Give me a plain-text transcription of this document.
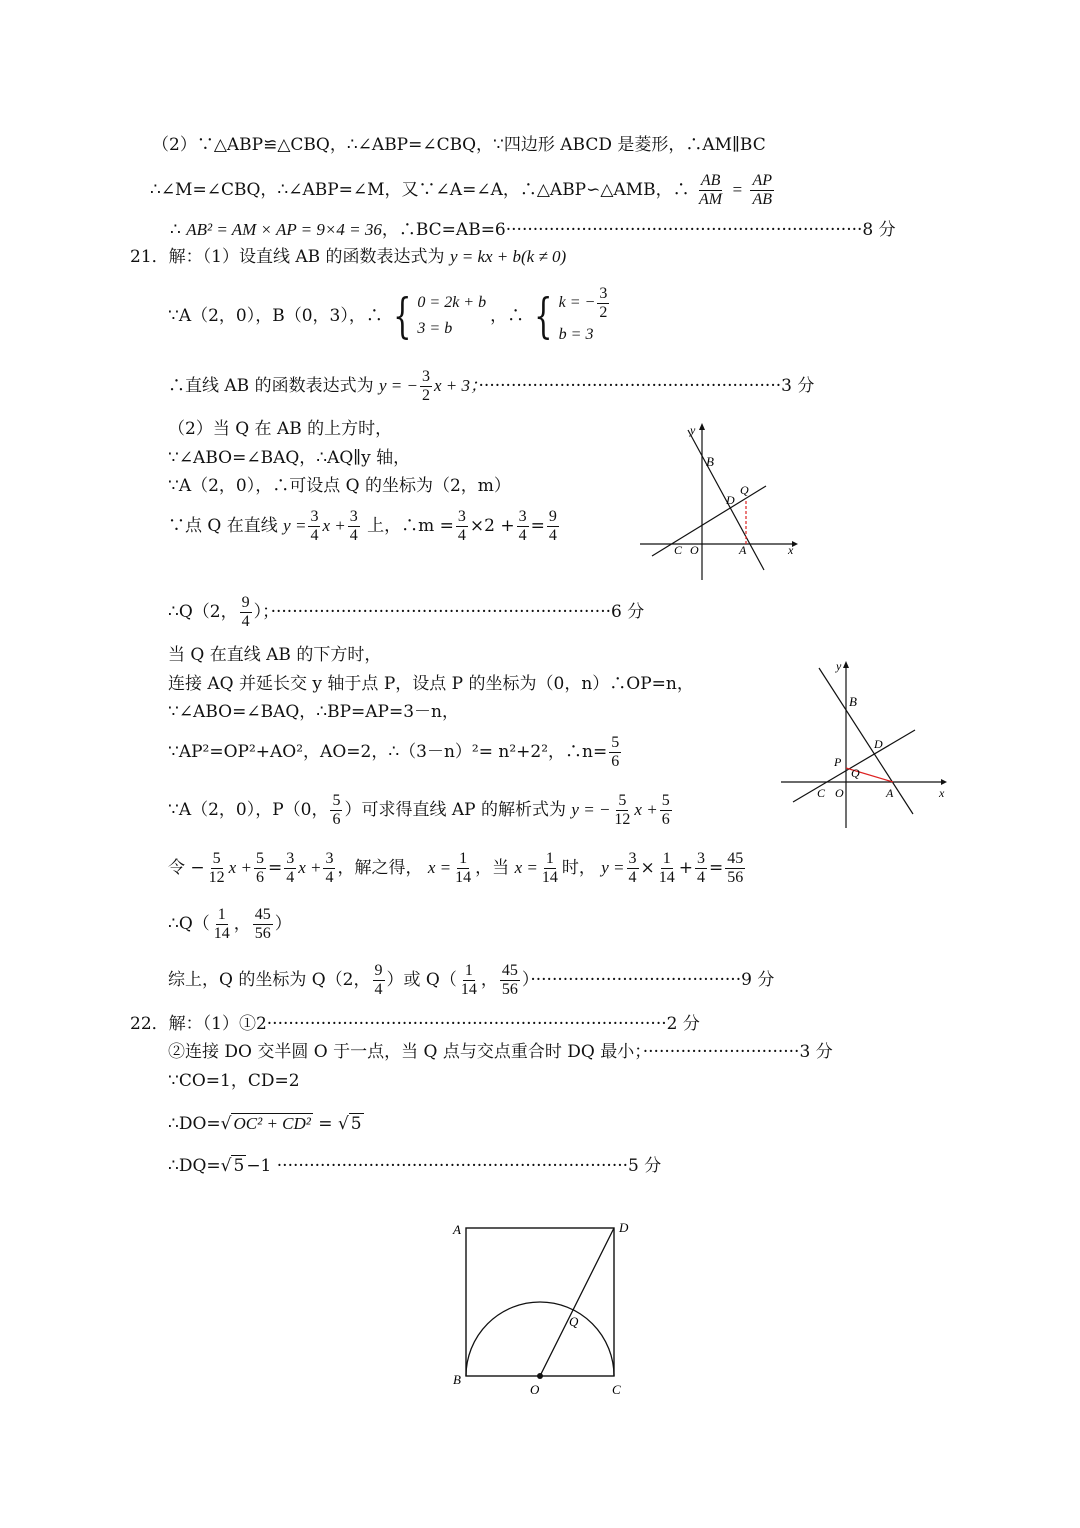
（2）∵△ABP≌△CBQ，∴∠ABP=∠CBQ，∵四边形 ABCD 是菱形，∴AM∥BC
∴∠M=∠CBQ，∴∠ABP=∠M，又∵∠A=∠A，∴△ABP∽△AMB，∴ $\frac{AB}{AM} = \frac{AP}{AB}$
∴ AB² = AM × AP = 9×4 = 36，∴BC=AB=6··································································8 分
21．解：（1）设直线 AB 的函数表达式为 y = kx + b(k ≠ 0)
∵A（2，0），B（0，3），∴ { 0 = 2k + b
3 = b
，∴ { k = − $\frac{3}{2}$
b = 3
∴直线 AB 的函数表达式为 y = − $\frac{3}{2}$ x + 3；························································3 分
（2）当 Q 在 AB 的上方时，
∵∠ABO=∠BAQ，∴AQ∥y 轴，
∵A（2，0），∴可设点 Q 的坐标为（2，m）
∵点 Q 在直线 $y = \frac{3}{4}$ $x + \frac{3}{4}$ 上，∴m = $\frac{3}{4} \times 2 + \frac{3}{4} = \frac{9}{4}$
y
B
Q
D
C O	A	x
∴Q（2， $\frac{9}{4}$ ）；·······························································6 分
当 Q 在直线 AB 的下方时，
连接 AQ 并延长交 y 轴于点 P，设点 P 的坐标为（0，n）∴OP=n，
∵∠ABO=∠BAQ，∴BP=AP=3－n，
∵AP²=OP²+AO²，AO=2，∴（3－n）²= n²+2²，∴n= $\frac{5}{6}$
∵A（2，0），P（0， $\frac{5}{6}$ ）可求得直线 AP 的解析式为 y = − $\frac{5}{12}$ $x + \frac{5}{6}$
y
B
D
P
Q
C O	A	x
令 − $\frac{5}{12}$ $x + \frac{5}{6} = \frac{3}{4}$ $x + \frac{3}{4}$ ，解之得， $x = \frac{1}{14}$ ，当 $x = \frac{1}{14}$ 时， $y = \frac{3}{4} \times \frac{1}{14} + \frac{3}{4} = \frac{45}{56}$
∴Q（ $\frac{1}{14}$ ， $\frac{45}{56}$ ）
综上，Q 的坐标为 Q（2， $\frac{9}{4}$ ）或 $Q( \frac{1}{14}$ ， $\frac{45}{56} )\cdot\cdot\cdot\cdot\cdot\cdot\cdot\cdot\cdot\cdot\cdot\cdot\cdot\cdot\cdot\cdot\cdot\cdot\cdot\cdot\cdot\cdot\cdot\cdot\cdot\cdot\cdot\cdot\cdot\cdot\cdot\cdot\cdot\cdot\cdot\cdot\cdot\cdot\cdot 9$ 分
22．解：（1）①2··········································································2 分
②连接 DO 交半圆 O 于一点，当 Q 点与交点重合时 DQ 最小；·····························3 分
∵CO=1，CD=2
∴DO=√ OC² + CD² = √ 5
∴DQ=√ 5 −1 ·································································5 分
A	D
Q
B
O	C
